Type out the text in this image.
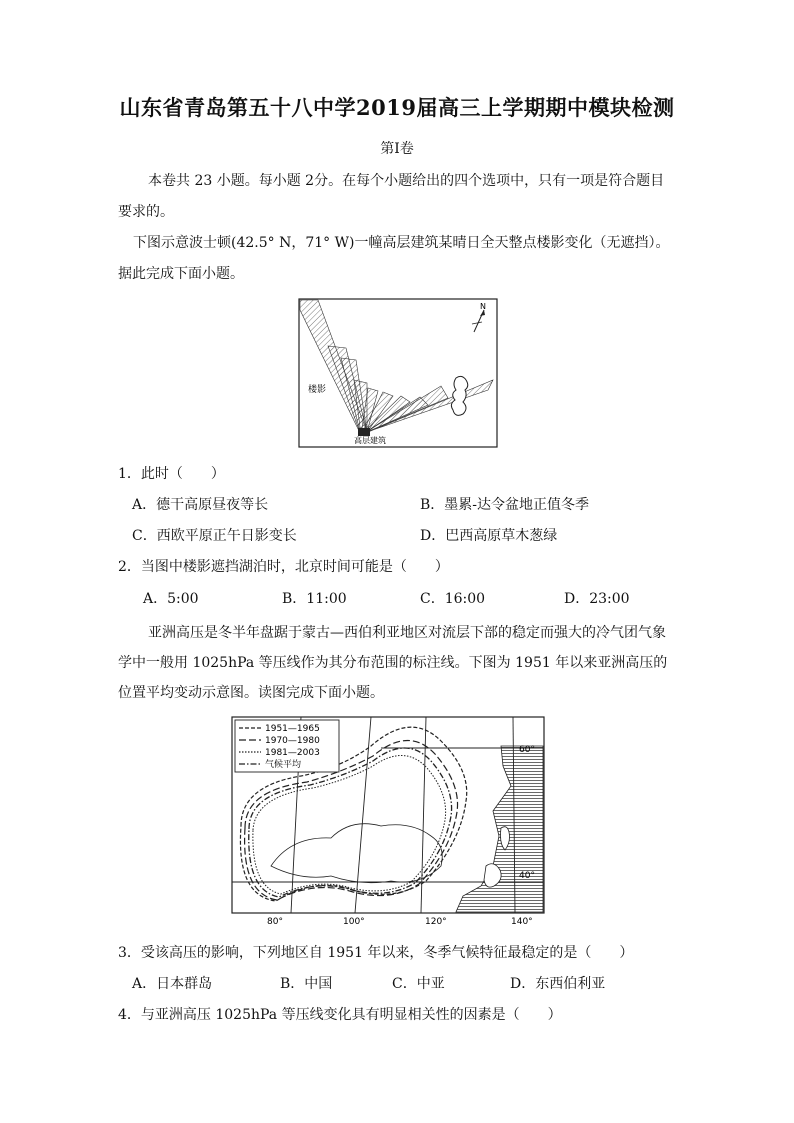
山东省青岛第五十八中学2019届高三上学期期中模块检测
第Ⅰ卷
本卷共 23 小题。每小题 2分。在每个小题给出的四个选项中，只有一项是符合题目要求的。
下图示意波士顿(42.5° N，71° W)一幢高层建筑某晴日全天整点楼影变化（无遮挡）。据此完成下面小题。
楼影
高层建筑
N
1．此时（　　）
A．德干高原昼夜等长	B．墨累-达令盆地正值冬季
C．西欧平原正午日影变长	D．巴西高原草木葱绿
2．当图中楼影遮挡湖泊时，北京时间可能是（　　）
A．5:00	B．11:00	C．16:00	D．23:00
亚洲高压是冬半年盘踞于蒙古—西伯利亚地区对流层下部的稳定而强大的冷气团气象学中一般用 1025hPa 等压线作为其分布范围的标注线。下图为 1951 年以来亚洲高压的位置平均变动示意图。读图完成下面小题。
1951—1965
1970—1980
1981—2003
气候平均
60°
40°
80°	100°	120°	140°
3．受该高压的影响，下列地区自 1951 年以来，冬季气候特征最稳定的是（　　）
A．日本群岛	B．中国	C．中亚	D．东西伯利亚
4．与亚洲高压 1025hPa 等压线变化具有明显相关性的因素是（　　）
